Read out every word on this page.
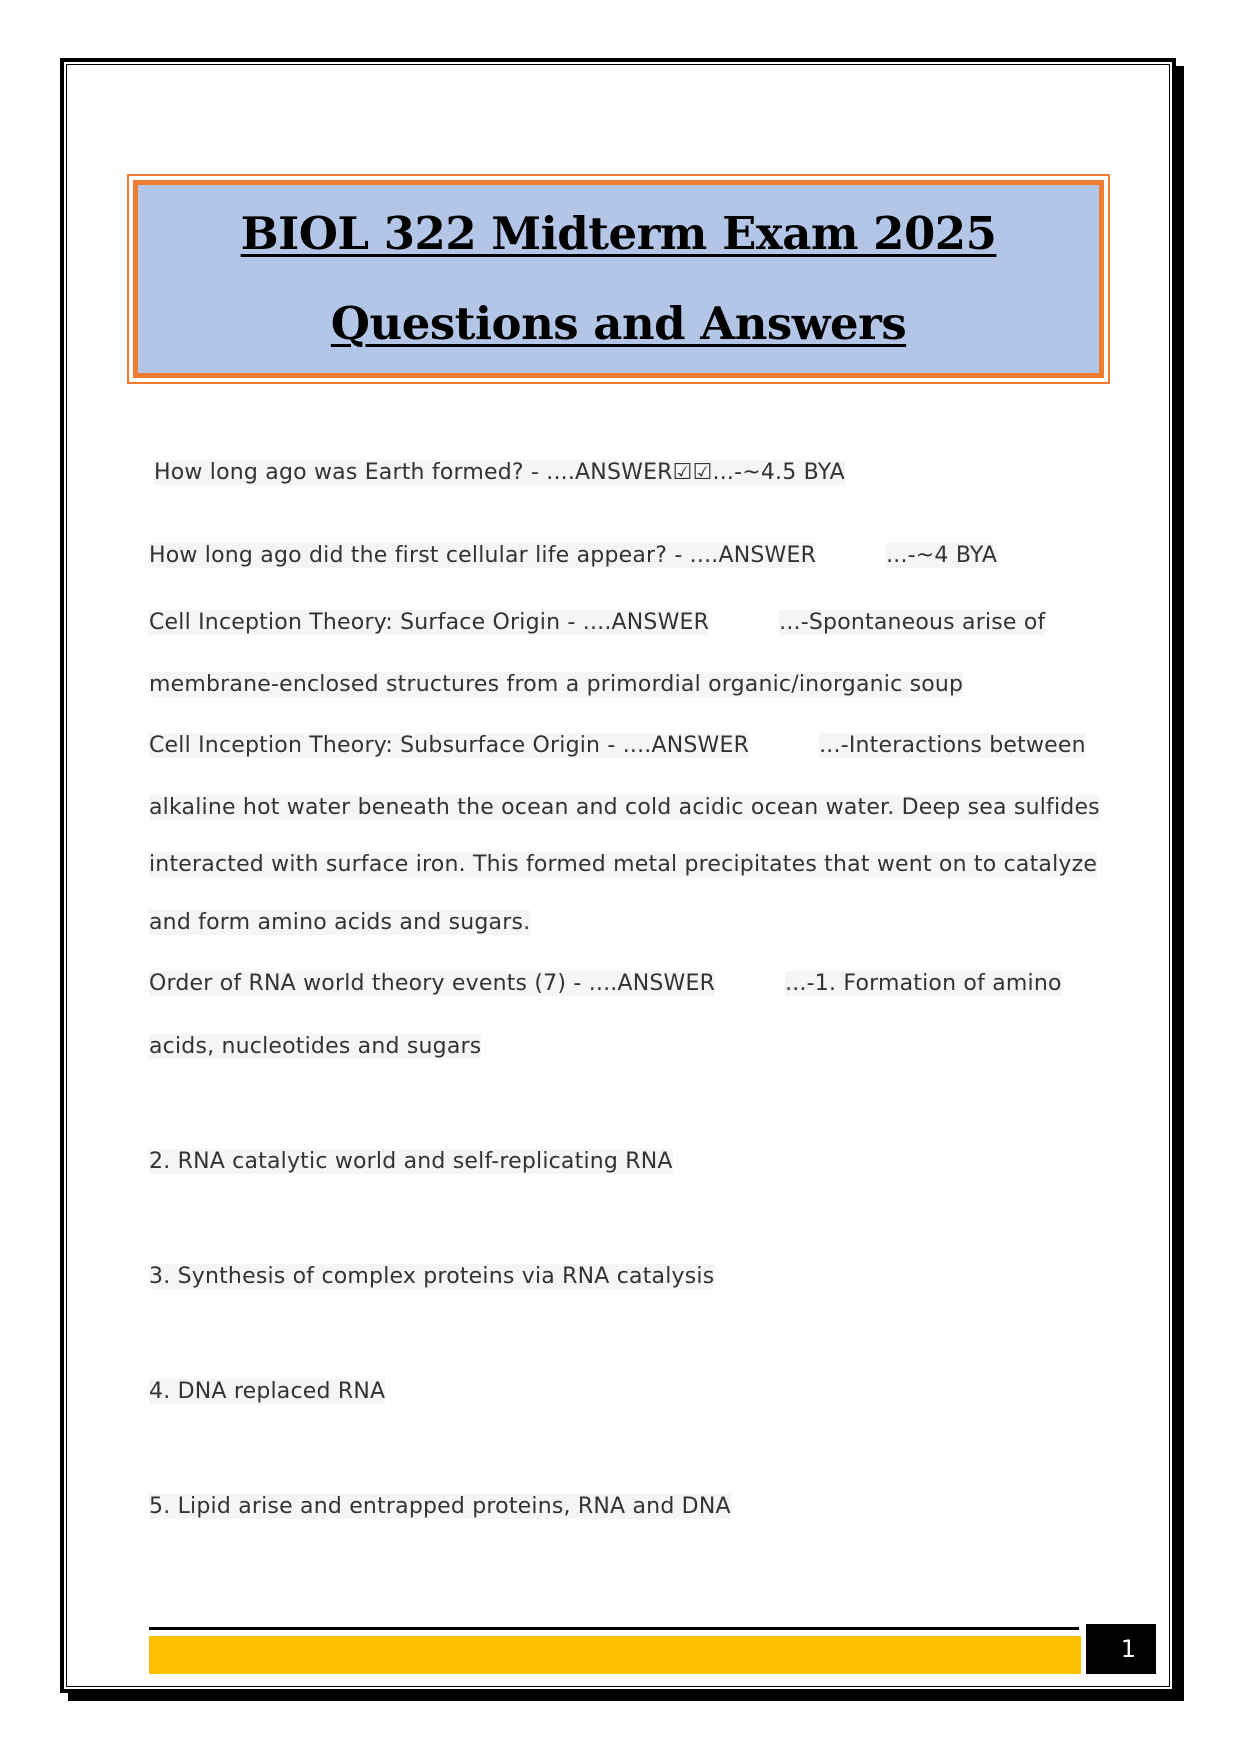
BIOL 322 Midterm Exam 2025
Questions and Answers
How long ago was Earth formed? - ....ANSWER☑☑...-~4.5 BYA
How long ago did the first cellular life appear? - ....ANSWER	...-~4 BYA
Cell Inception Theory: Surface Origin - ....ANSWER	...-Spontaneous arise of
membrane-enclosed structures from a primordial organic/inorganic soup
Cell Inception Theory: Subsurface Origin - ....ANSWER	...-Interactions between
alkaline hot water beneath the ocean and cold acidic ocean water. Deep sea sulfides
interacted with surface iron. This formed metal precipitates that went on to catalyze
and form amino acids and sugars.
Order of RNA world theory events (7) - ....ANSWER	...-1. Formation of amino
acids, nucleotides and sugars
2. RNA catalytic world and self-replicating RNA
3. Synthesis of complex proteins via RNA catalysis
4. DNA replaced RNA
5. Lipid arise and entrapped proteins, RNA and DNA
1
